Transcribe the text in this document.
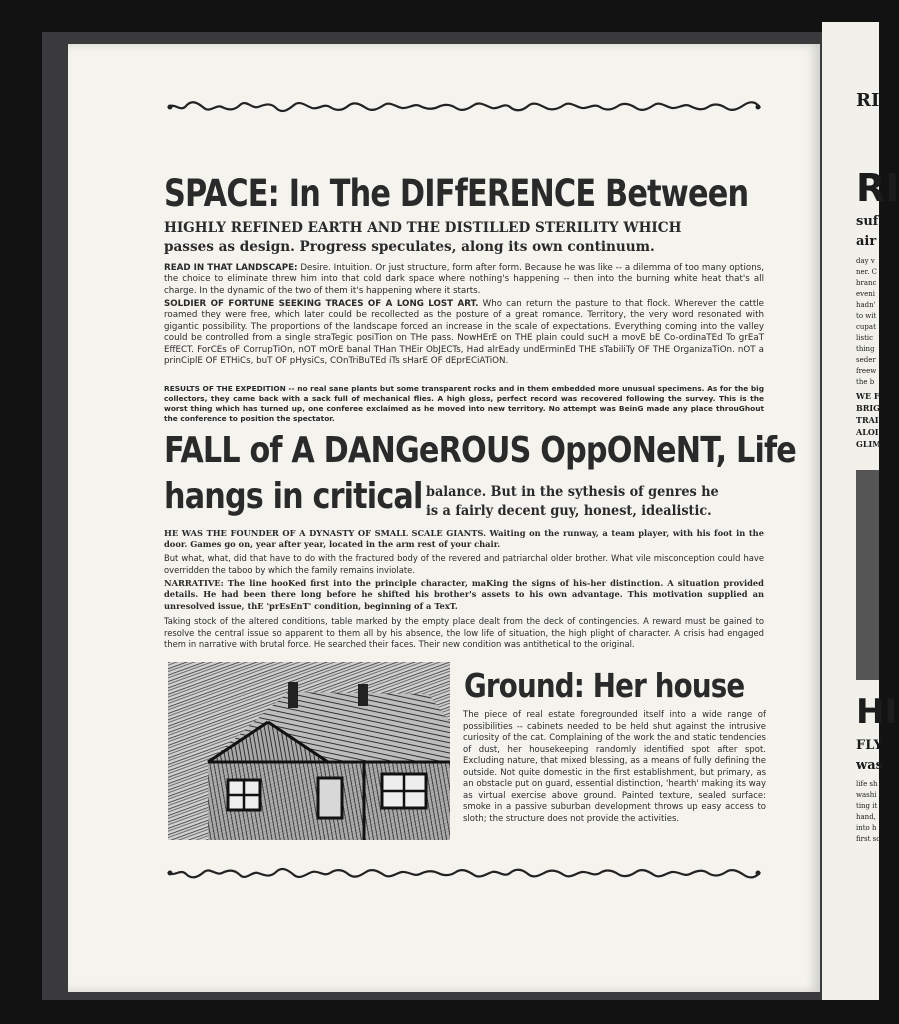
SPACE: In The DIFfERENCE Between
HIGHLY REFINED EARTH AND THE DISTILLED STERILITY WHICH
passes as design. Progress speculates, along its own continuum.

READ IN THAT LANDSCAPE: Desire. Intuition. Or just structure, form after form. Because he was like -- a dilemma of too many options, the choice to eliminate threw him into that cold dark space where nothing's happening -- then into the burning white heat that's all charge. In the dynamic of the two of them it's happening where it starts.

SOLDIER OF FORTUNE SEEKING TRACES OF A LONG LOST ART. Who can return the pasture to that flock. Wherever the cattle roamed they were free, which later could be recollected as the posture of a great romance. Territory, the very word resonated with gigantic possibility. The proportions of the landscape forced an increase in the scale of expectations. Everything coming into the valley could be controlled from a single straTegic posiTion on THe pass. NowHErE on THE plain could sucH a movE bE Co-ordinaTEd To grEaT EffECT. ForCEs oF CorrupTiOn, nOT mOrE banal THan THEir ObJECTs, Had alrEady undErminEd THE sTabiliTy OF THE OrganizaTiOn. nOT a prinCiplE OF ETHiCs, buT OF pHysiCs, COnTriBuTEd iTs sHarE OF dEprECiATiON.

RESULTS OF THE EXPEDITION -- no real sane plants but some transparent rocks and in them embedded more unusual specimens. As for the big collectors, they came back with a sack full of mechanical flies. A high gloss, perfect record was recovered following the survey. This is the worst thing which has turned up, one conferee exclaimed as he moved into new territory. No attempt was BeinG made any place throuGhout the conference to position the spectator.

FALL of A DANGeROUS OppONeNT, Life
hangs in critical balance. But in the sythesis of genres he
is a fairly decent guy, honest, idealistic.

HE WAS THE FOUNDER OF A DYNASTY OF SMALL SCALE GIANTS. Waiting on the runway, a team player, with his foot in the door. Games go on, year after year, located in the arm rest of your chair.

But what, what, did that have to do with the fractured body of the revered and patriarchal older brother. What vile misconception could have overridden the taboo by which the family remains inviolate.

NARRATIVE: The line hooKed first into the principle character, maKing the signs of his-her distinction. A situation provided details. He had been there long before he shifted his brother's assets to his own advantage. This motivation supplied an unresolved issue, thE 'prEsEnT' condition, beginning of a TexT.

Taking stock of the altered conditions, table marked by the empty place dealt from the deck of contingencies. A reward must be gained to resolve the central issue so apparent to them all by his absence, the low life of situation, the high plight of character. A crisis had engaged them in narrative with brutal force. He searched their faces. Their new condition was antithetical to the original.

Ground: Her house

The piece of real estate foregrounded itself into a wide range of possibilities -- cabinets needed to be held shut against the intrusive curiosity of the cat. Complaining of the work the and static tendencies of dust, her housekeeping randomly identified spot after spot. Excluding nature, that mixed blessing, as a means of fully defining the outside. Not quite domestic in the first establishment, but primary, as an obstacle put on guard, essential distinction, 'hearth' making its way as virtual exercise above ground. Painted texture, sealed surface: smoke in a passive suburban development throws up easy access to sloth; the structure does not provide the activities.

RI
RI
suf
air
day v
ner. C
branc
eveni
hadn'
to wit
cupat
listic
thing
seder
freew
the b
WE F
BRIG
TRAI
ALOI
GLIM
HI
FLY
was
life sh
washi
ting it
hand,
into h
first sc
